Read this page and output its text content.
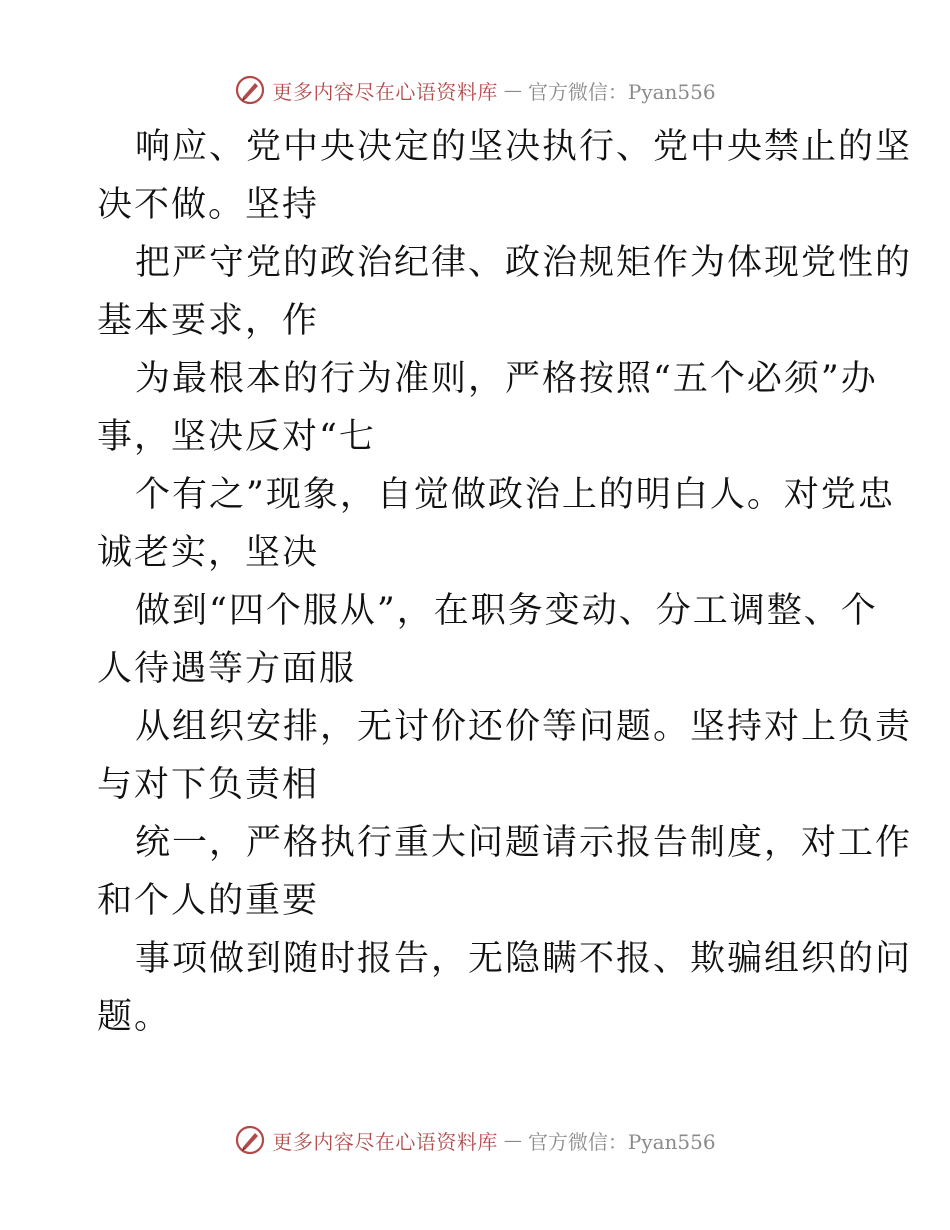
更多内容尽在心语资料库 — 官方微信：Pyan556
响应、党中央决定的坚决执行、党中央禁止的坚
决不做。坚持
把严守党的政治纪律、政治规矩作为体现党性的
基本要求，作
为最根本的行为准则，严格按照“五个必须”办
事，坚决反对“七
个有之”现象，自觉做政治上的明白人。对党忠
诚老实，坚决
做到“四个服从”，在职务变动、分工调整、个
人待遇等方面服
从组织安排，无讨价还价等问题。坚持对上负责
与对下负责相
统一，严格执行重大问题请示报告制度，对工作
和个人的重要
事项做到随时报告，无隐瞒不报、欺骗组织的问
题。
更多内容尽在心语资料库 — 官方微信：Pyan556
